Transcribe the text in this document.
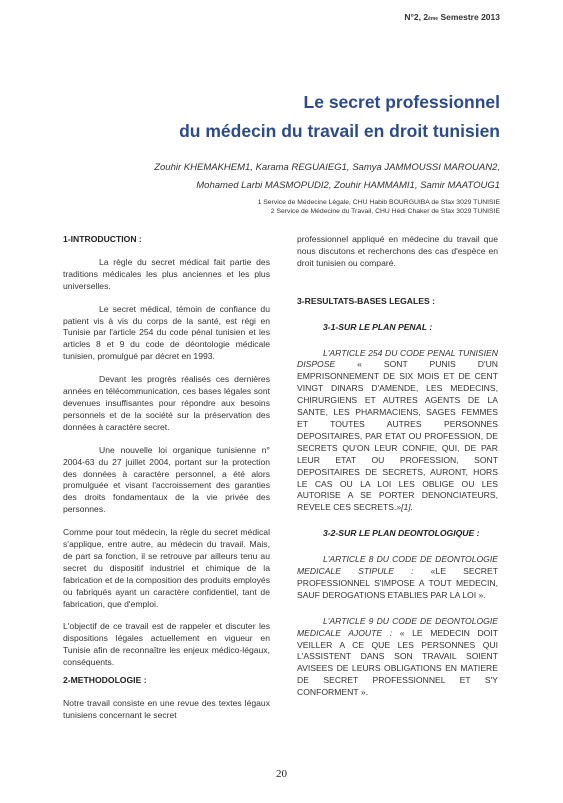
N°2, 2ème Semestre 2013
Le secret professionnel
du médecin du travail en droit tunisien
Zouhir KHEMAKHEM1, Karama REGUAIEG1, Samya JAMMOUSSI MAROUAN2,
Mohamed Larbi MASMOPUDI2, Zouhir HAMMAMI1, Samir MAATOUG1
1 Service de Médecine Légale, CHU Habib BOURGUIBA de Sfax 3029 TUNISIE
2 Service de Médecine du Travail, CHU Hédi Chaker de Sfax 3029 TUNISIE

1-INTRODUCTION :

La règle du secret médical fait partie des traditions médicales les plus anciennes et les plus universelles.

Le secret médical, témoin de confiance du patient vis à vis du corps de la santé, est régi en Tunisie par l'article 254 du code pénal tunisien et les articles 8 et 9 du code de déontologie médicale tunisien, promulgué par décret en 1993.

Devant les progrès réalisés ces dernières années en télécommunication, ces bases légales sont devenues insuffisantes pour répondre aux besoins personnels et de la société sur la préservation des données à caractère secret.

Une nouvelle loi organique tunisienne n° 2004-63 du 27 juillet 2004, portant sur la protection des données à caractère personnel, a été alors promulguée et visant l'accroissement des garanties des droits fondamentaux de la vie privée des personnes.

Comme pour tout médecin, la règle du secret médical s'applique, entre autre, au médecin du travail. Mais, de part sa fonction, il se retrouve par ailleurs tenu au secret du dispositif industriel et chimique de la fabrication et de la composition des produits employés ou fabriqués ayant un caractère confidentiel, tant de fabrication, que d'emploi.

L'objectif de ce travail est de rappeler et discuter les dispositions légales actuellement en vigueur en Tunisie afin de reconnaître les enjeux médico-légaux, conséquents.

2-METHODOLOGIE :

Notre travail consiste en une revue des textes légaux tunisiens concernant le secret

professionnel appliqué en médecine du travail que nous discutons et recherchons des cas d'espèce en droit tunisien ou comparé.

3-RESULTATS-BASES LEGALES :

3-1-SUR LE PLAN PENAL :

L'ARTICLE 254 DU CODE PENAL TUNISIEN DISPOSE « SONT PUNIS D'UN EMPRISONNEMENT DE SIX MOIS ET DE CENT VINGT DINARS D'AMENDE, LES MEDECINS, CHIRURGIENS ET AUTRES AGENTS DE LA SANTE, LES PHARMACIENS, SAGES FEMMES ET TOUTES AUTRES PERSONNES DEPOSITAIRES, PAR ETAT OU PROFESSION, DE SECRETS QU'ON LEUR CONFIE, QUI, DE PAR LEUR ETAT OU PROFESSION, SONT DEPOSITAIRES DE SECRETS, AURONT, HORS LE CAS OU LA LOI LES OBLIGE OU LES AUTORISE A SE PORTER DENONCIATEURS, REVELE CES SECRETS.»[1].

3-2-SUR LE PLAN DEONTOLOGIQUE :

L'ARTICLE 8 DU CODE DE DEONTOLOGIE MEDICALE STIPULE : «LE SECRET PROFESSIONNEL S'IMPOSE A TOUT MEDECIN, SAUF DEROGATIONS ETABLIES PAR LA LOI ».

L'ARTICLE 9 DU CODE DE DEONTOLOGIE MEDICALE AJOUTE : « LE MEDECIN DOIT VEILLER A CE QUE LES PERSONNES QUI L'ASSISTENT DANS SON TRAVAIL SOIENT AVISEES DE LEURS OBLIGATIONS EN MATIERE DE SECRET PROFESSIONNEL ET S'Y CONFORMENT ».

20
